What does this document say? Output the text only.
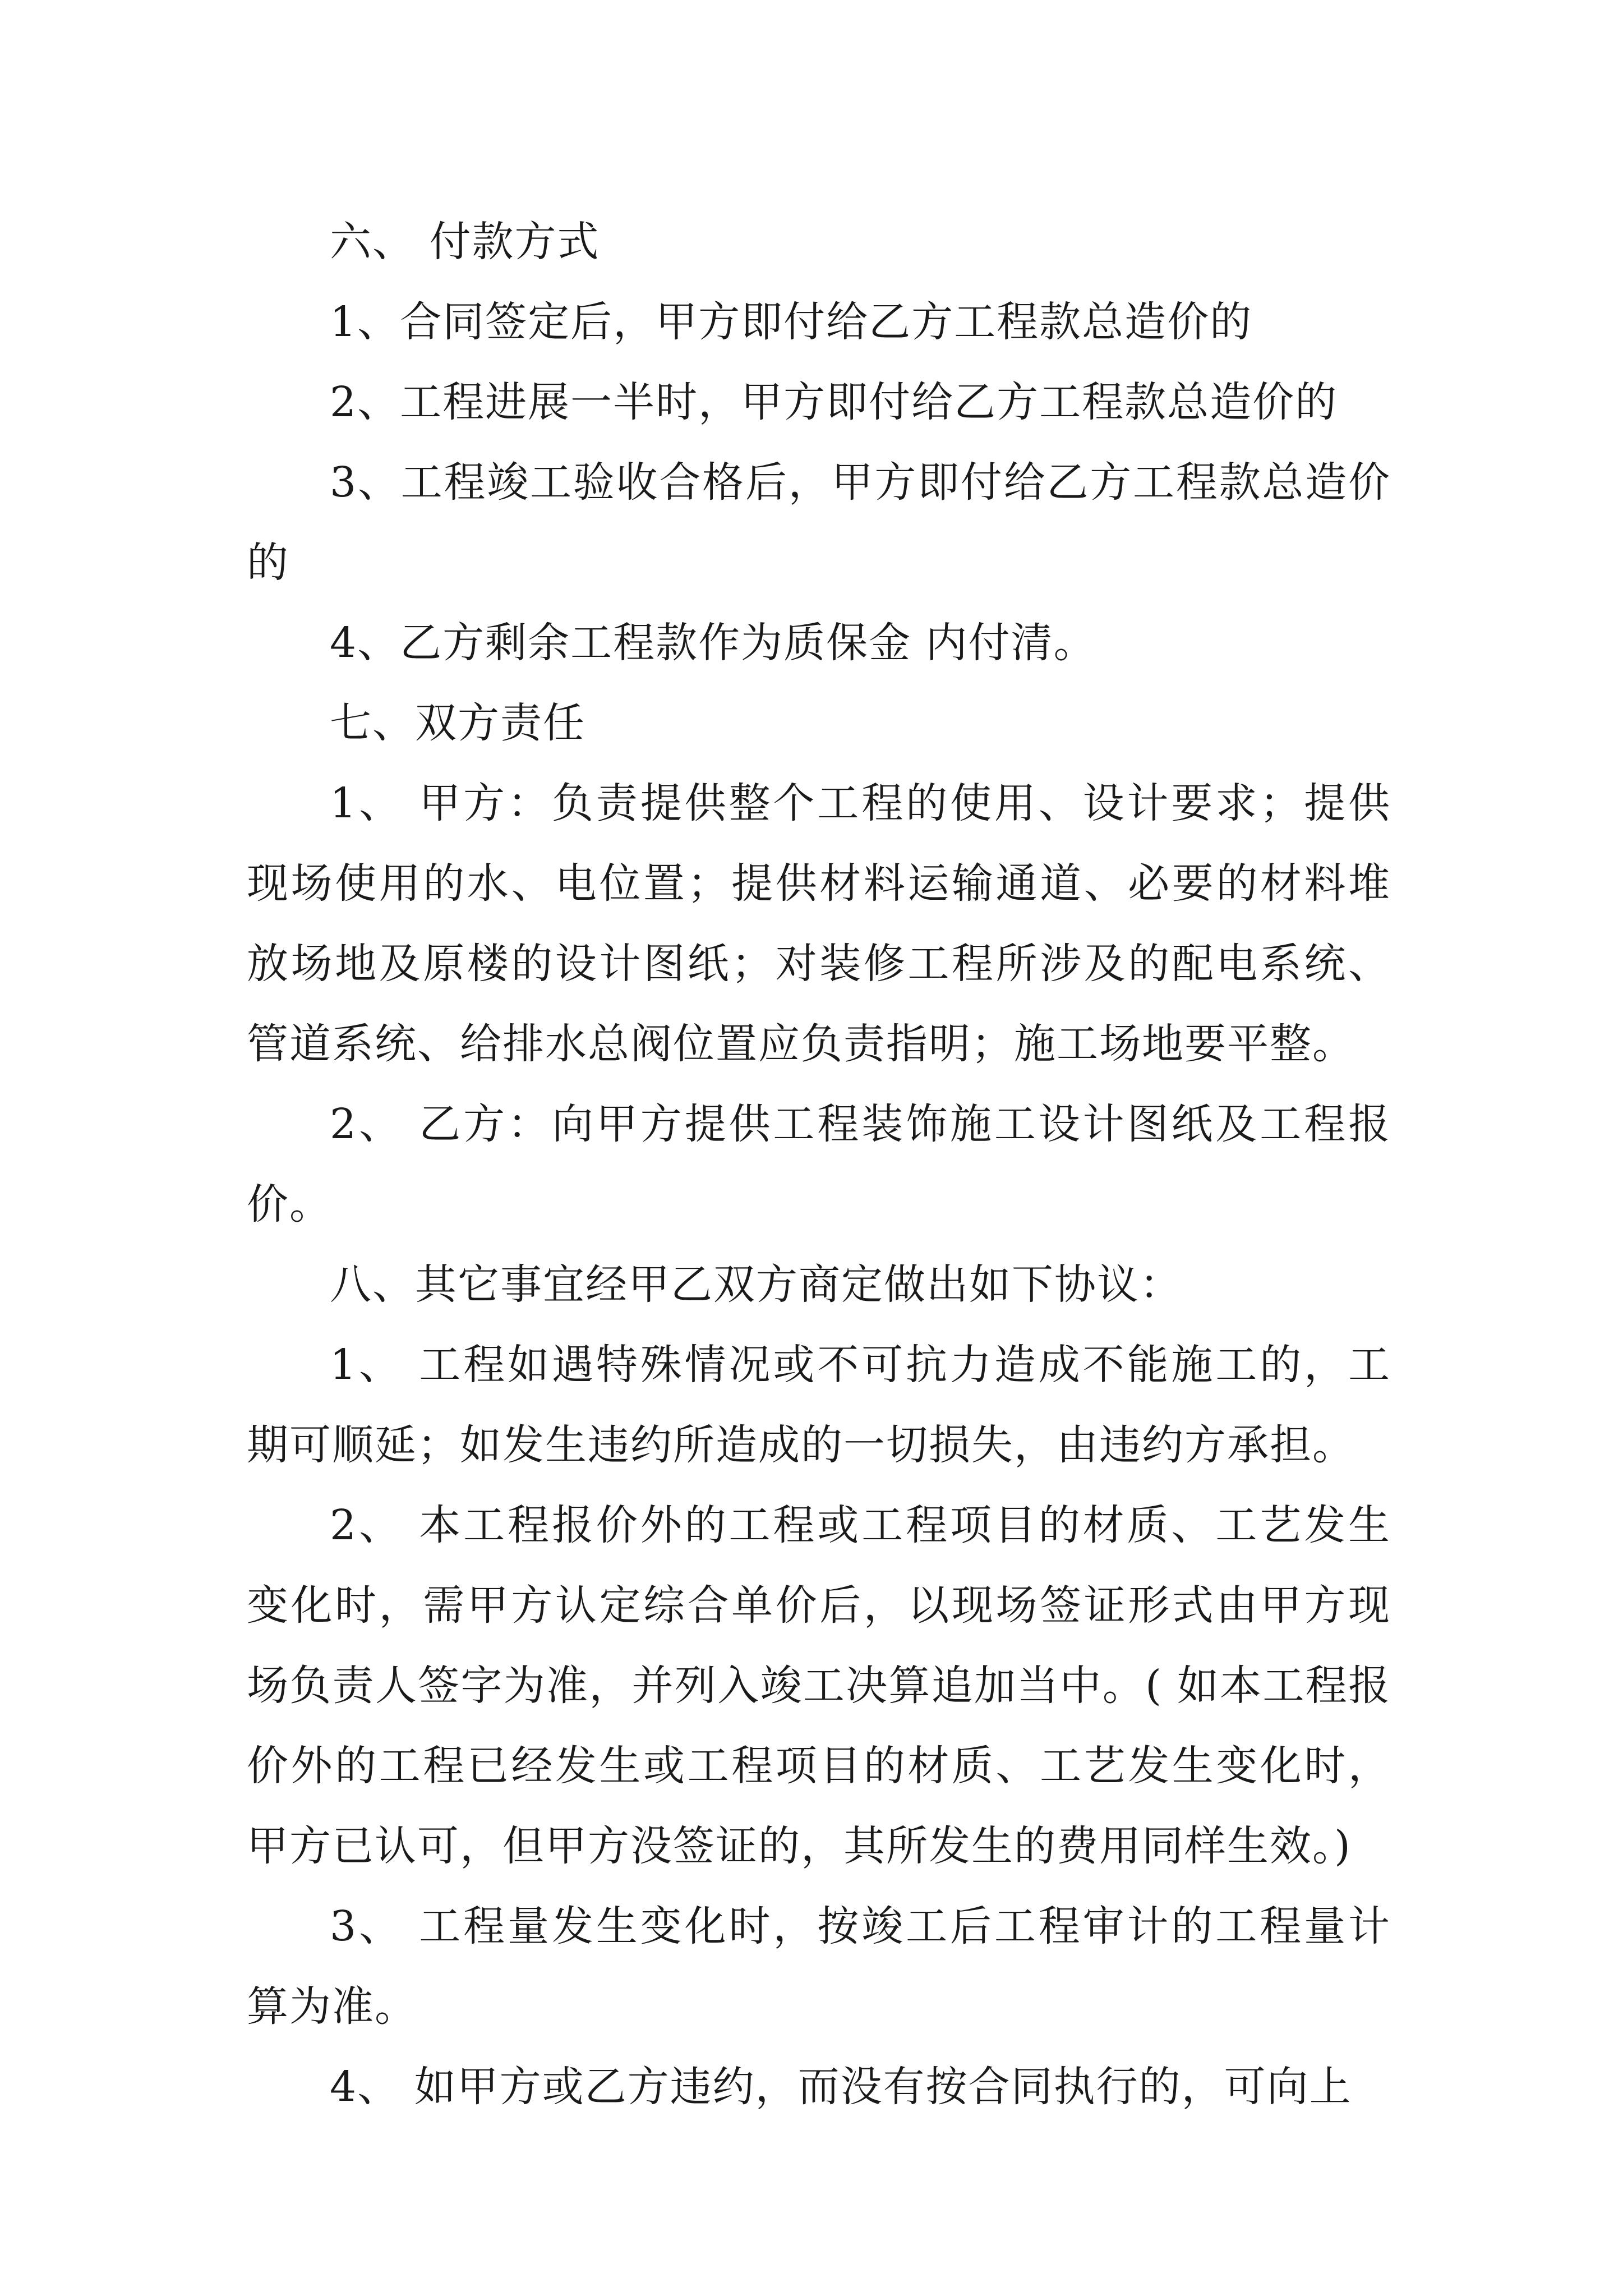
六、 付款方式

1、合同签定后，甲方即付给乙方工程款总造价的

2、工程进展一半时，甲方即付给乙方工程款总造价的

3、工程竣工验收合格后，甲方即付给乙方工程款总造价的

4、乙方剩余工程款作为质保金 内付清。

七、双方责任

1、 甲方：负责提供整个工程的使用、设计要求；提供现场使用的水、电位置；提供材料运输通道、必要的材料堆放场地及原楼的设计图纸；对装修工程所涉及的配电系统、管道系统、给排水总阀位置应负责指明；施工场地要平整。

2、 乙方：向甲方提供工程装饰施工设计图纸及工程报价。

八、其它事宜经甲乙双方商定做出如下协议：

1、 工程如遇特殊情况或不可抗力造成不能施工的，工期可顺延；如发生违约所造成的一切损失，由违约方承担。

2、 本工程报价外的工程或工程项目的材质、工艺发生变化时，需甲方认定综合单价后，以现场签证形式由甲方现场负责人签字为准，并列入竣工决算追加当中。( 如本工程报价外的工程已经发生或工程项目的材质、工艺发生变化时，甲方已认可，但甲方没签证的，其所发生的费用同样生效。)

3、 工程量发生变化时，按竣工后工程审计的工程量计算为准。

4、 如甲方或乙方违约，而没有按合同执行的，可向上
